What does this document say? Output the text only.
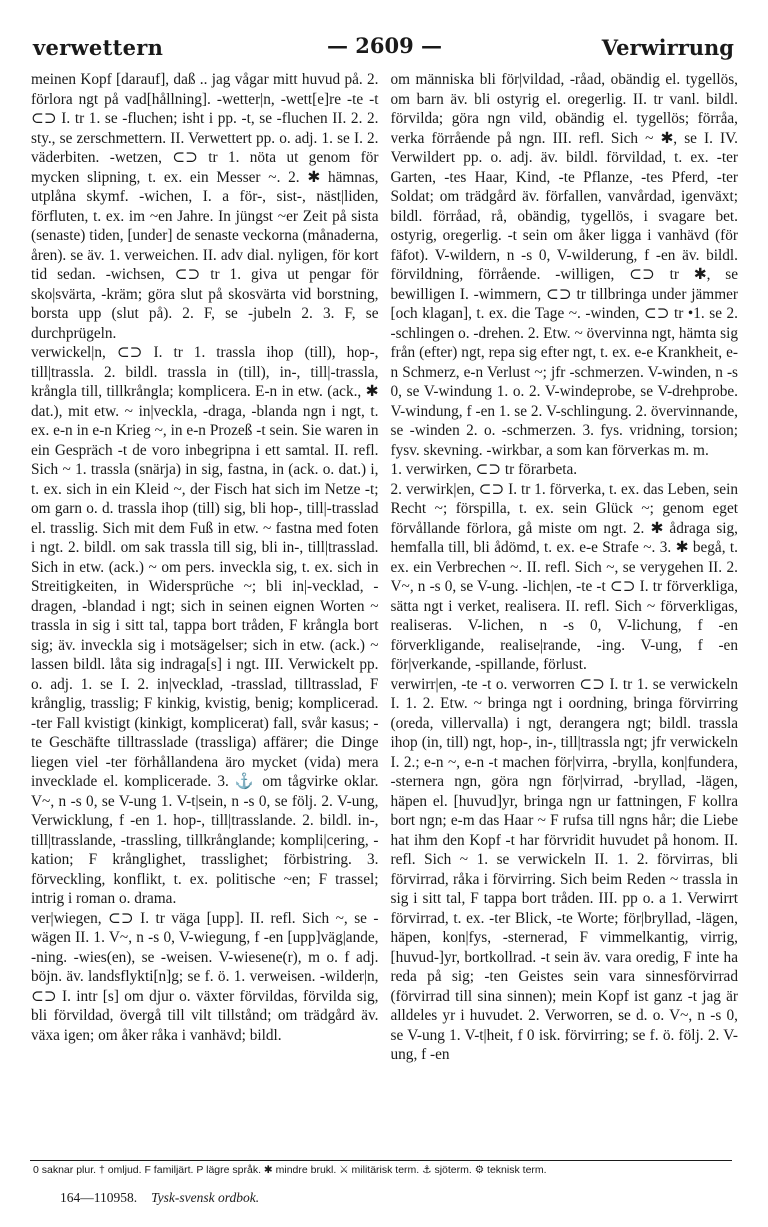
verwettern	— 2609 —	Verwirrung

meinen Kopf [darauf], daß .. jag vågar mitt huvud på. 2. förlora ngt på vad[hållning]. -wetter|n, -wett[e]re -te -t ⊂⊃ I. tr 1. se -fluchen; isht i pp. -t, se -fluchen II. 2. 2. sty., se zerschmettern. II. Verwettert pp. o. adj. 1. se I. 2. väderbiten. -wetzen, ⊂⊃ tr 1. nöta ut genom för mycken slipning, t. ex. ein Messer ~. 2. ✱ hämnas, utplåna skymf. -wichen, I. a för-, sist-, näst|liden, förfluten, t. ex. im ~en Jahre. In jüngst ~er Zeit på sista (senaste) tiden, [under] de senaste veckorna (månaderna, åren). se äv. 1. verweichen. II. adv dial. nyligen, för kort tid sedan. -wichsen, ⊂⊃ tr 1. giva ut pengar för sko|svärta, -kräm; göra slut på skosvärta vid borstning, borsta upp (slut på). 2. F, se -jubeln 2. 3. F, se durchprügeln.

verwickel|n, ⊂⊃ I. tr 1. trassla ihop (till), hop-, till|trassla. 2. bildl. trassla in (till), in-, till|-trassla, krångla till, tillkrångla; komplicera. E-n in etw. (ack., ✱ dat.), mit etw. ~ in|veckla, -draga, -blanda ngn i ngt, t. ex. e-n in e-n Krieg ~, in e-n Prozeß -t sein. Sie waren in ein Gespräch -t de voro inbegripna i ett samtal. II. refl. Sich ~ 1. trassla (snärja) in sig, fastna, in (ack. o. dat.) i, t. ex. sich in ein Kleid ~, der Fisch hat sich im Netze -t; om garn o. d. trassla ihop (till) sig, bli hop-, till|-trasslad el. trasslig. Sich mit dem Fuß in etw. ~ fastna med foten i ngt. 2. bildl. om sak trassla till sig, bli in-, till|trasslad. Sich in etw. (ack.) ~ om pers. invecklа sig, t. ex. sich in Streitigkeiten, in Widersprüche ~; bli in|-vecklad, -dragen, -blandad i ngt; sich in seinen eignen Worten ~ trassla in sig i sitt tal, tappa bort tråden, F krångla bort sig; äv. invеckla sig i motsägelser; sich in etw. (ack.) ~ lassen bildl. låta sig indraga[s] i ngt. III. Verwickelt pp. o. adj. 1. se I. 2. in|vecklad, -trasslad, tilltrasslad, F krånglig, trasslig; F kinkig, kvistig, benig; komplicerad. -ter Fall kvistigt (kinkigt, komplicerat) fall, svår kasus; -te Geschäfte tilltrasslade (trassliga) affärer; die Dinge liegen viel -ter förhållandena äro mycket (vida) mera invecklade el. komplicerade. 3. ⚓ om tågvirke oklar. V~, n -s 0, se V-ung 1. V-t|sein, n -s 0, se följ. 2. V-ung, Verwicklung, f -en 1. hop-, till|trasslande. 2. bildl. in-, till|trasslande, -trassling, tillkrånglande; kompli|cering, -kation; F krånglighet, trasslighet; förbistring. 3. förveckling, konflikt, t. ex. politische ~en; F trassel; intrig i roman o. drama.

ver|wiegen, ⊂⊃ I. tr väga [upp]. II. refl. Sich ~, se -wägen II. 1. V~, n -s 0, V-wiegung, f -en [upp]väg|ande, -ning. -wies(en), se -weisen. V-wiesene(r), m o. f adj. böjn. äv. landsflykti[n]g; se f. ö. 1. verweisen. -wilder|n, ⊂⊃ I. intr [s] om djur o. växter förvildas, förvilda sig, bli förvildad, övergå till vilt tillstånd; om trädgård äv. växa igen; om åker råka i vanhävd; bildl.

om människa bli för|vildad, -råad, obändig el. tygellös, om barn äv. bli ostyrig el. oregerlig. II. tr vanl. bildl. förvilda; göra ngn vild, obändig el. tygellös; förråa, verka förrående på ngn. III. refl. Sich ~ ✱, se I. IV. Verwildert pp. o. adj. äv. bildl. förvildad, t. ex. -ter Garten, -tes Haar, Kind, -te Pflanze, -tes Pferd, -ter Soldat; om trädgård äv. förfallen, vanvårdad, igenväxt; bildl. förråad, rå, obändig, tygellös, i svagare bet. ostyrig, oregerlig. -t sein om åker ligga i vanhävd (för fäfot). V-wildern, n -s 0, V-wilderung, f -en äv. bildl. förvildning, förrående. -willigen, ⊂⊃ tr ✱, se bewilligen I. -wimmern, ⊂⊃ tr tillbringa under jämmer [och klagan], t. ex. die Tage ~. -winden, ⊂⊃ tr •1. se 2. -schlingen o. -drehen. 2. Etw. ~ övervinna ngt, hämta sig från (efter) ngt, repa sig efter ngt, t. ex. e-e Krankheit, e-n Schmerz, e-n Verlust ~; jfr -schmerzen. V-winden, n -s 0, se V-windung 1. o. 2. V-windeprobe, se V-drehprobe. V-windung, f -en 1. se 2. V-schlingung. 2. övervinnande, se -winden 2. o. -schmerzen. 3. fys. vridning, torsion; fysv. skevning. -wirkbar, a som kan förverkas m. m.

1. verwirken, ⊂⊃ tr förarbeta.

2. verwirk|en, ⊂⊃ I. tr 1. förverka, t. ex. das Leben, sein Recht ~; förspilla, t. ex. sein Glück ~; genom eget förvållande förlora, gå miste om ngt. 2. ✱ ådraga sig, hemfalla till, bli ådömd, t. ex. e-e Strafe ~. 3. ✱ begå, t. ex. ein Verbrechen ~. II. refl. Sich ~, se verygehen II. 2. V~, n -s 0, se V-ung. -lich|en, -te -t ⊂⊃ I. tr förverkliga, sätta ngt i verket, realisera. II. refl. Sich ~ förverkligas, realiseras. V-lichen, n -s 0, V-lichung, f -en förverkligande, realise|rande, -ing. V-ung, f -en för|verkande, -spillande, förlust.

verwirr|en, -te -t o. verworren ⊂⊃ I. tr 1. se verwickeln I. 1. 2. Etw. ~ bringa ngt i oordning, bringa förvirring (oreda, villervalla) i ngt, derangera ngt; bildl. trassla ihop (in, till) ngt, hop-, in-, till|trassla ngt; jfr verwickeln I. 2.; e-n ~, e-n -t machen för|virra, -brylla, kon|fundera, -sternera ngn, göra ngn för|virrad, -bryllad, -lägen, häpen el. [huvud]yr, bringa ngn ur fattningen, F kollra bort ngn; e-m das Haar ~ F rufsa till ngns hår; die Liebe hat ihm den Kopf -t har förvridit huvudet på honom. II. refl. Sich ~ 1. se verwickeln II. 1. 2. förvirras, bli förvirrad, råka i förvirring. Sich beim Reden ~ trassla in sig i sitt tal, F tappa bort tråden. III. pp o. a 1. Verwirrt förvirrad, t. ex. -ter Blick, -te Worte; för|bryllad, -lägen, häpen, kon|fys, -sternerad, F vimmelkantig, virrig, [huvud-]yr, bortkollrad. -t sein äv. vara oredig, F inte ha reda på sig; -ten Geistes sein vara sinnesförvirrad (förvirrad till sina sinnen); mein Kopf ist ganz -t jag är alldeles yr i huvudet. 2. Verworren, se d. o. V~, n -s 0, se V-ung 1. V-t|heit, f 0 isk. förvirring; se f. ö. följ. 2. V-ung, f -en

0 saknar plur. † omljud. F familjärt. P lägre språk. ✱ mindre brukl. ⚔ militärisk term. ⚓ sjöterm. ⚙ teknisk term.
164—110958. Tysk-svensk ordbok.
